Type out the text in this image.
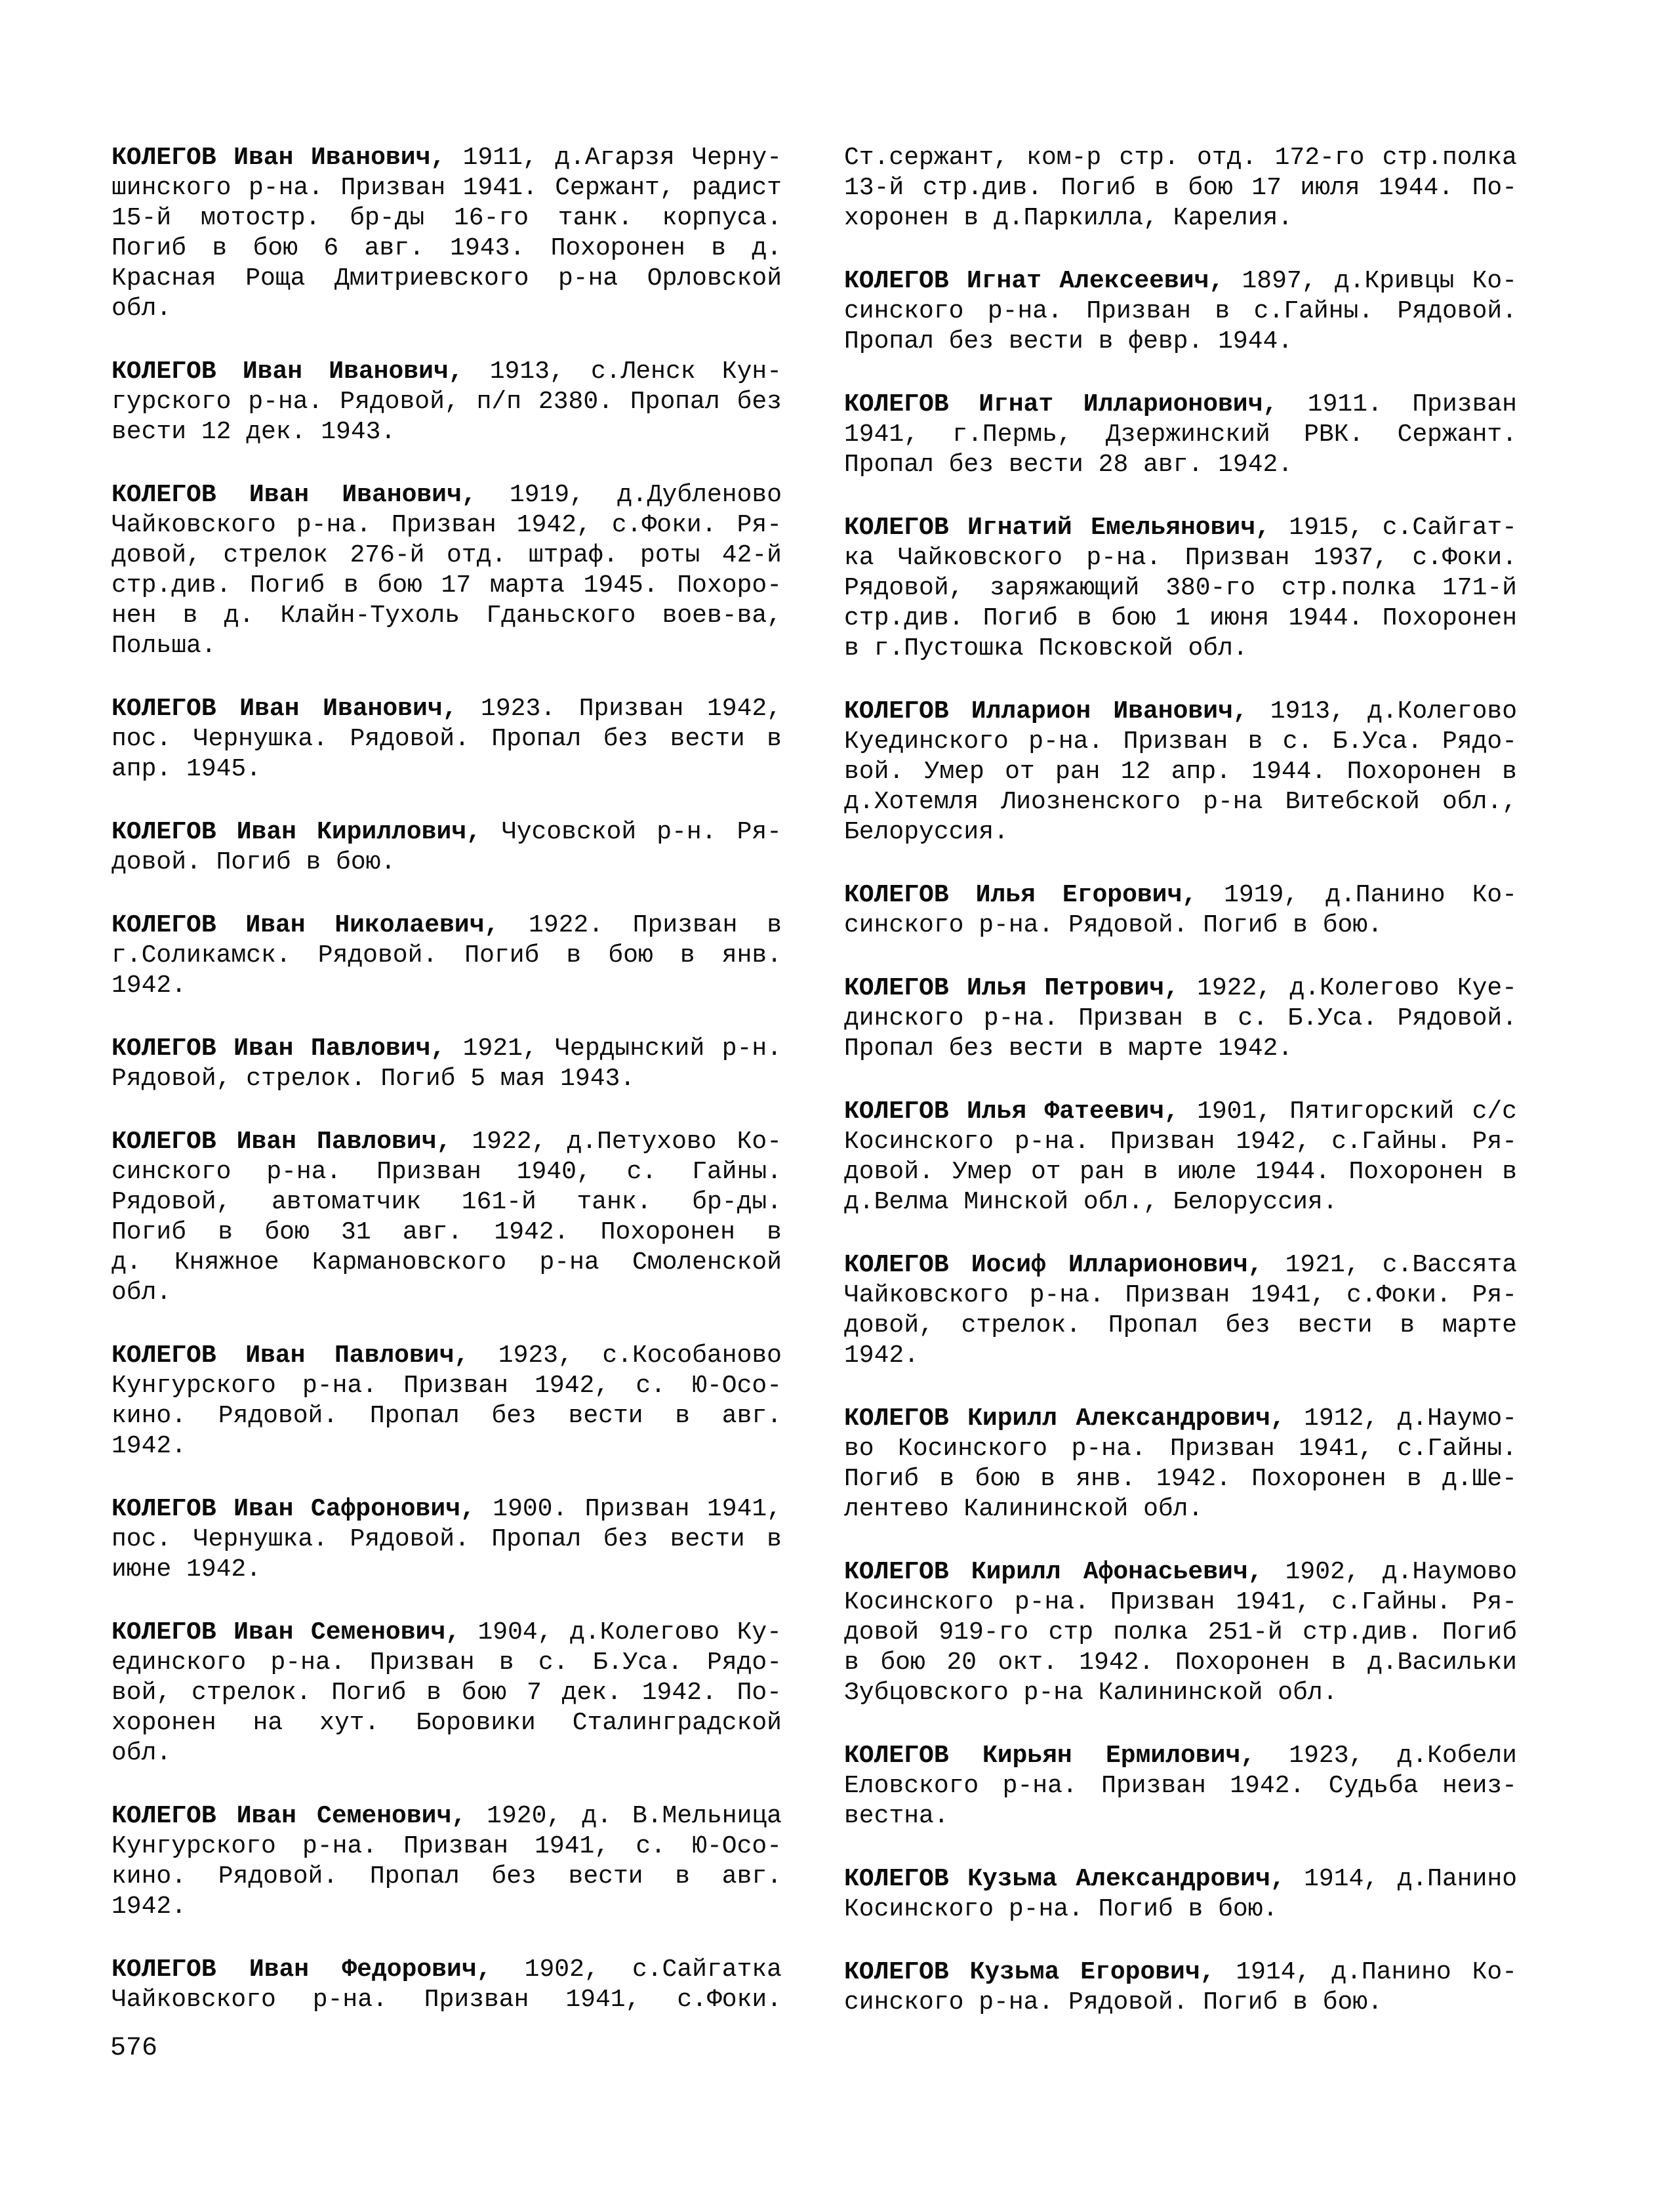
КОЛЕГОВ Иван Иванович, 1911, д.Агарзя Черну-
шинского р-на. Призван 1941. Сержант, радист
15-й мотостр. бр-ды 16-го танк. корпуса.
Погиб в бою 6 авг. 1943. Похоронен в д.
Красная Роща Дмитриевского р-на Орловской
обл.
КОЛЕГОВ Иван Иванович, 1913, с.Ленск Кун-
гурского р-на. Рядовой, п/п 2380. Пропал без
вести 12 дек. 1943.
КОЛЕГОВ Иван Иванович, 1919, д.Дубленово
Чайковского р-на. Призван 1942, с.Фоки. Ря-
довой, стрелок 276-й отд. штраф. роты 42-й
стр.див. Погиб в бою 17 марта 1945. Похоро-
нен в д. Клайн-Тухоль Гданьского воев-ва,
Польша.
КОЛЕГОВ Иван Иванович, 1923. Призван 1942,
пос. Чернушка. Рядовой. Пропал без вести в
апр. 1945.
КОЛЕГОВ Иван Кириллович, Чусовской р-н. Ря-
довой. Погиб в бою.
КОЛЕГОВ Иван Николаевич, 1922. Призван в
г.Соликамск. Рядовой. Погиб в бою в янв.
1942.
КОЛЕГОВ Иван Павлович, 1921, Чердынский р-н.
Рядовой, стрелок. Погиб 5 мая 1943.
КОЛЕГОВ Иван Павлович, 1922, д.Петухово Ко-
синского р-на. Призван 1940, с. Гайны.
Рядовой, автоматчик 161-й танк. бр-ды.
Погиб в бою 31 авг. 1942. Похоронен в
д. Княжное Кармановского р-на Смоленской
обл.
КОЛЕГОВ Иван Павлович, 1923, с.Кособаново
Кунгурского р-на. Призван 1942, с. Ю-Осо-
кино. Рядовой. Пропал без вести в авг.
1942.
КОЛЕГОВ Иван Сафронович, 1900. Призван 1941,
пос. Чернушка. Рядовой. Пропал без вести в
июне 1942.
КОЛЕГОВ Иван Семенович, 1904, д.Колегово Ку-
единского р-на. Призван в с. Б.Уса. Рядо-
вой, стрелок. Погиб в бою 7 дек. 1942. По-
хоронен на хут. Боровики Сталинградской
обл.
КОЛЕГОВ Иван Семенович, 1920, д. В.Мельница
Кунгурского р-на. Призван 1941, с. Ю-Осо-
кино. Рядовой. Пропал без вести в авг.
1942.
КОЛЕГОВ Иван Федорович, 1902, с.Сайгатка
Чайковского р-на. Призван 1941, с.Фоки.
Ст.сержант, ком-р стр. отд. 172-го стр.полка
13-й стр.див. Погиб в бою 17 июля 1944. По-
хоронен в д.Паркилла, Карелия.
КОЛЕГОВ Игнат Алексеевич, 1897, д.Кривцы Ко-
синского р-на. Призван в с.Гайны. Рядовой.
Пропал без вести в февр. 1944.
КОЛЕГОВ Игнат Илларионович, 1911. Призван
1941, г.Пермь, Дзержинский РВК. Сержант.
Пропал без вести 28 авг. 1942.
КОЛЕГОВ Игнатий Емельянович, 1915, с.Сайгат-
ка Чайковского р-на. Призван 1937, с.Фоки.
Рядовой, заряжающий 380-го стр.полка 171-й
стр.див. Погиб в бою 1 июня 1944. Похоронен
в г.Пустошка Псковской обл.
КОЛЕГОВ Илларион Иванович, 1913, д.Колегово
Куединского р-на. Призван в с. Б.Уса. Рядо-
вой. Умер от ран 12 апр. 1944. Похоронен в
д.Хотемля Лиозненского р-на Витебской обл.,
Белоруссия.
КОЛЕГОВ Илья Егорович, 1919, д.Панино Ко-
синского р-на. Рядовой. Погиб в бою.
КОЛЕГОВ Илья Петрович, 1922, д.Колегово Куе-
динского р-на. Призван в с. Б.Уса. Рядовой.
Пропал без вести в марте 1942.
КОЛЕГОВ Илья Фатеевич, 1901, Пятигорский с/с
Косинского р-на. Призван 1942, с.Гайны. Ря-
довой. Умер от ран в июле 1944. Похоронен в
д.Велма Минской обл., Белоруссия.
КОЛЕГОВ Иосиф Илларионович, 1921, с.Вассята
Чайковского р-на. Призван 1941, с.Фоки. Ря-
довой, стрелок. Пропал без вести в марте
1942.
КОЛЕГОВ Кирилл Александрович, 1912, д.Наумо-
во Косинского р-на. Призван 1941, с.Гайны.
Погиб в бою в янв. 1942. Похоронен в д.Ше-
лентево Калининской обл.
КОЛЕГОВ Кирилл Афонасьевич, 1902, д.Наумово
Косинского р-на. Призван 1941, с.Гайны. Ря-
довой 919-го стр полка 251-й стр.див. Погиб
в бою 20 окт. 1942. Похоронен в д.Васильки
Зубцовского р-на Калининской обл.
КОЛЕГОВ Кирьян Ермилович, 1923, д.Кобели
Еловского р-на. Призван 1942. Судьба неиз-
вестна.
КОЛЕГОВ Кузьма Александрович, 1914, д.Панино
Косинского р-на. Погиб в бою.
КОЛЕГОВ Кузьма Егорович, 1914, д.Панино Ко-
синского р-на. Рядовой. Погиб в бою.
576
